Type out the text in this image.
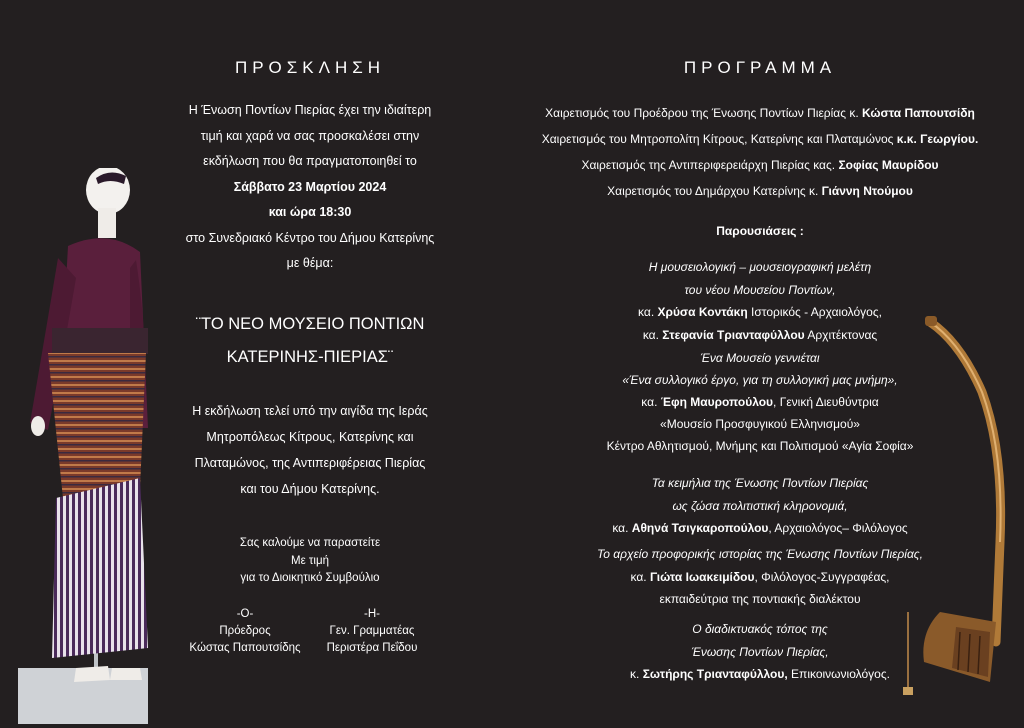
ΠΡΟΣΚΛΗΣΗ
Η Ένωση Ποντίων Πιερίας έχει την ιδιαίτερη
τιμή και χαρά να σας προσκαλέσει στην
εκδήλωση που θα πραγματοποιηθεί το
Σάββατο 23 Μαρτίου 2024
και ώρα 18:30
στο Συνεδριακό Κέντρο του Δήμου Κατερίνης
με θέμα:
¨ΤΟ ΝΕΟ ΜΟΥΣΕΙΟ ΠΟΝΤΙΩΝ
ΚΑΤΕΡΙΝΗΣ-ΠΙΕΡΙΑΣ¨
Η εκδήλωση τελεί υπό την αιγίδα της Ιεράς
Μητροπόλεως Κίτρους, Κατερίνης και
Πλαταμώνος, της Αντιπεριφέρειας Πιερίας
και του Δήμου Κατερίνης.
Σας καλούμε να παραστείτε
Με τιμή
για το Διοικητικό Συμβούλιο
-Ο-
Πρόεδρος
Κώστας Παπουτσίδης
-Η-
Γεν. Γραμματέας
Περιστέρα Πεΐδου
ΠΡΟΓΡΑΜΜΑ
Χαιρετισμός του Προέδρου της Ένωσης Ποντίων Πιερίας κ. Κώστα Παπουτσίδη
Χαιρετισμός του Μητροπολίτη Κίτρους, Κατερίνης και Πλαταμώνος κ.κ. Γεωργίου.
Χαιρετισμός της Αντιπεριφερειάρχη Πιερίας κας. Σοφίας Μαυρίδου
Χαιρετισμός του Δημάρχου Κατερίνης κ. Γιάννη Ντούμου
Παρουσιάσεις :
Η μουσειολογική – μουσειογραφική μελέτη
του νέου Μουσείου Ποντίων,
κα. Χρύσα Κοντάκη Ιστορικός - Αρχαιολόγος,
κα. Στεφανία Τριανταφύλλου Αρχιτέκτονας
Ένα Μουσείο γεννιέται
«Ένα συλλογικό έργο, για τη συλλογική μας μνήμη»,
κα. Έφη Μαυροπούλου, Γενική Διευθύντρια
«Μουσείο Προσφυγικού Ελληνισμού»
Κέντρο Αθλητισμού, Μνήμης και Πολιτισμού «Αγία Σοφία»
Τα κειμήλια της Ένωσης Ποντίων Πιερίας
ως ζώσα πολιτιστική κληρονομιά,
κα. Αθηνά Τσιγκαροπούλου, Αρχαιολόγος– Φιλόλογος
Το αρχείο προφορικής ιστορίας της Ένωσης Ποντίων Πιερίας,
κα. Γιώτα Ιωακειμίδου, Φιλόλογος-Συγγραφέας,
εκπαιδεύτρια της ποντιακής διαλέκτου
Ο διαδικτυακός τόπος της
Ένωσης Ποντίων Πιερίας,
κ. Σωτήρης Τριανταφύλλου, Επικοινωνιολόγος.
